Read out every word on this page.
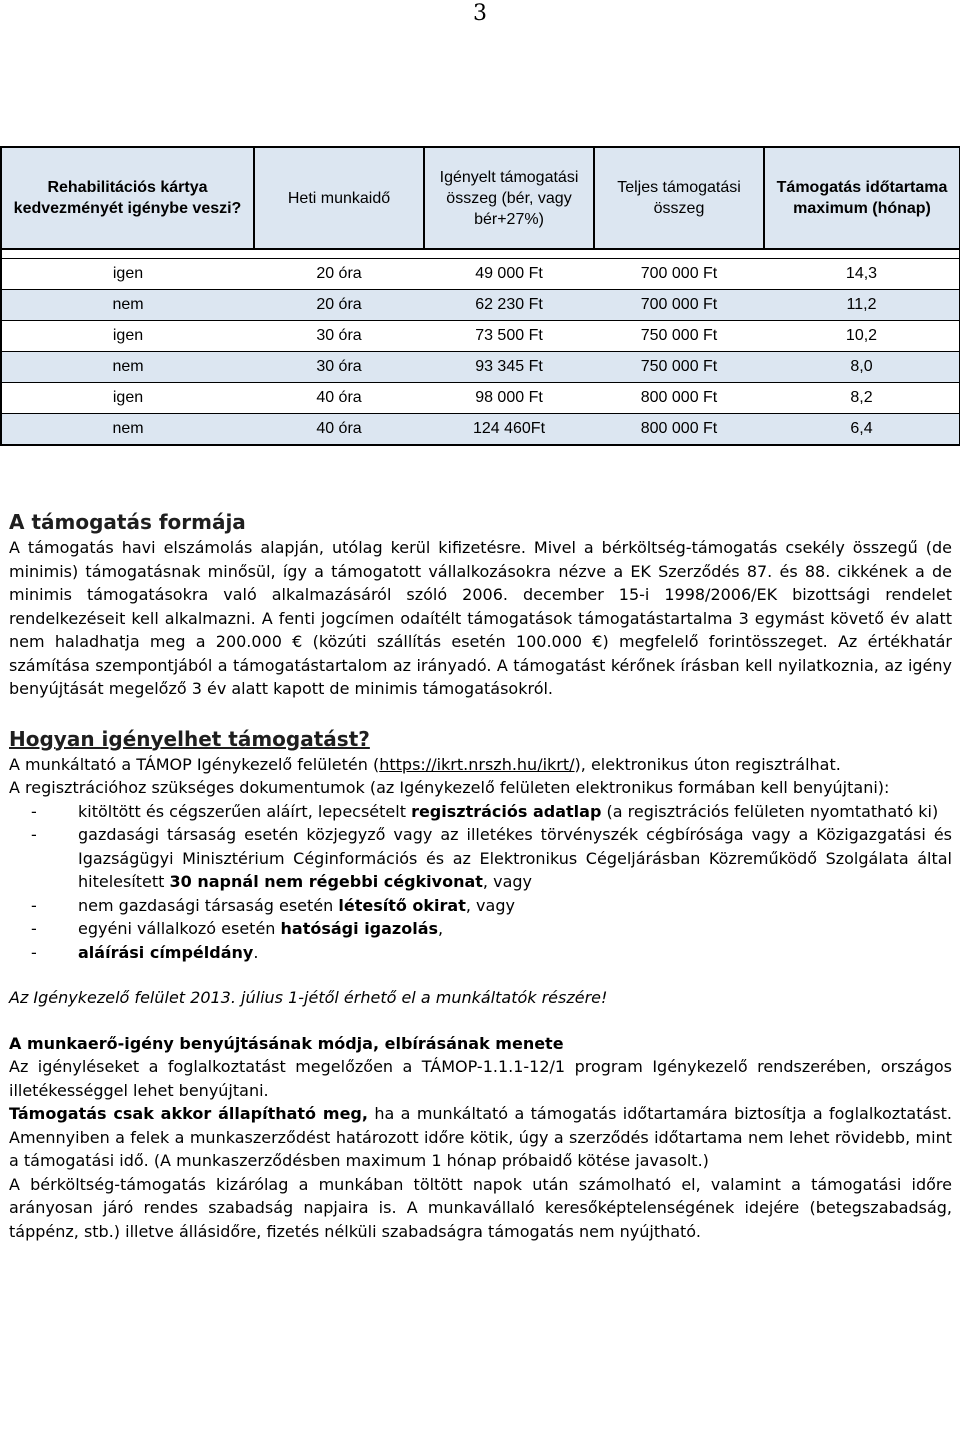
3
Rehabilitációs kártya kedvezményét igénybe veszi?	Heti munkaidő	Igényelt támogatási összeg (bér, vagy bér+27%)	Teljes támogatási összeg	Támogatás időtartama maximum (hónap)

igen	20 óra	49 000 Ft	700 000 Ft	14,3
nem	20 óra	62 230 Ft	700 000 Ft	11,2
igen	30 óra	73 500 Ft	750 000 Ft	10,2
nem	30 óra	93 345 Ft	750 000 Ft	8,0
igen	40 óra	98 000 Ft	800 000 Ft	8,2
nem	40 óra	124 460Ft	800 000 Ft	6,4
A támogatás formája

A támogatás havi elszámolás alapján, utólag kerül kifizetésre. Mivel a bérköltség-támogatás csekély összegű (de minimis) támogatásnak minősül, így a támogatott vállalkozásokra nézve a EK Szerződés 87. és 88. cikkének a de minimis támogatásokra való alkalmazásáról szóló 2006. december 15-i 1998/2006/EK bizottsági rendelet rendelkezéseit kell alkalmazni. A fenti jogcímen odaítélt támogatások támogatástartalma 3 egymást követő év alatt nem haladhatja meg a 200.000 € (közúti szállítás esetén 100.000 €) megfelelő forintösszeget. Az értékhatár számítása szempontjából a támogatástartalom az irányadó. A támogatást kérőnek írásban kell nyilatkoznia, az igény benyújtását megelőző 3 év alatt kapott de minimis támogatásokról.

Hogyan igényelhet támogatást?

A munkáltató a TÁMOP Igénykezelő felületén (https://ikrt.nrszh.hu/ikrt/), elektronikus úton regisztrálhat.

A regisztrációhoz szükséges dokumentumok (az Igénykezelő felületen elektronikus formában kell benyújtani):

-	kitöltött és cégszerűen aláírt, lepecsételt regisztrációs adatlap (a regisztrációs felületen nyomtatható ki)
-	gazdasági társaság esetén közjegyző vagy az illetékes törvényszék cégbírósága vagy a Közigazgatási és Igazságügyi Minisztérium Céginformációs és az Elektronikus Cégeljárásban Közreműködő Szolgálata által hitelesített 30 napnál nem régebbi cégkivonat, vagy
-	nem gazdasági társaság esetén létesítő okirat, vagy
-	egyéni vállalkozó esetén hatósági igazolás,
-	aláírási címpéldány.

Az Igénykezelő felület 2013. július 1-jétől érhető el a munkáltatók részére!

A munkaerő-igény benyújtásának módja, elbírásának menete

Az igényléseket a foglalkoztatást megelőzően a TÁMOP-1.1.1-12/1 program Igénykezelő rendszerében, országos illetékességgel lehet benyújtani.

Támogatás csak akkor állapítható meg, ha a munkáltató a támogatás időtartamára biztosítja a foglalkoztatást. Amennyiben a felek a munkaszerződést határozott időre kötik, úgy a szerződés időtartama nem lehet rövidebb, mint a támogatási idő. (A munkaszerződésben maximum 1 hónap próbaidő kötése javasolt.)

A bérköltség-támogatás kizárólag a munkában töltött napok után számolható el, valamint a támogatási időre arányosan járó rendes szabadság napjaira is. A munkavállaló keresőképtelenségének idejére (betegszabadság, táppénz, stb.) illetve állásidőre, fizetés nélküli szabadságra támogatás nem nyújtható.
